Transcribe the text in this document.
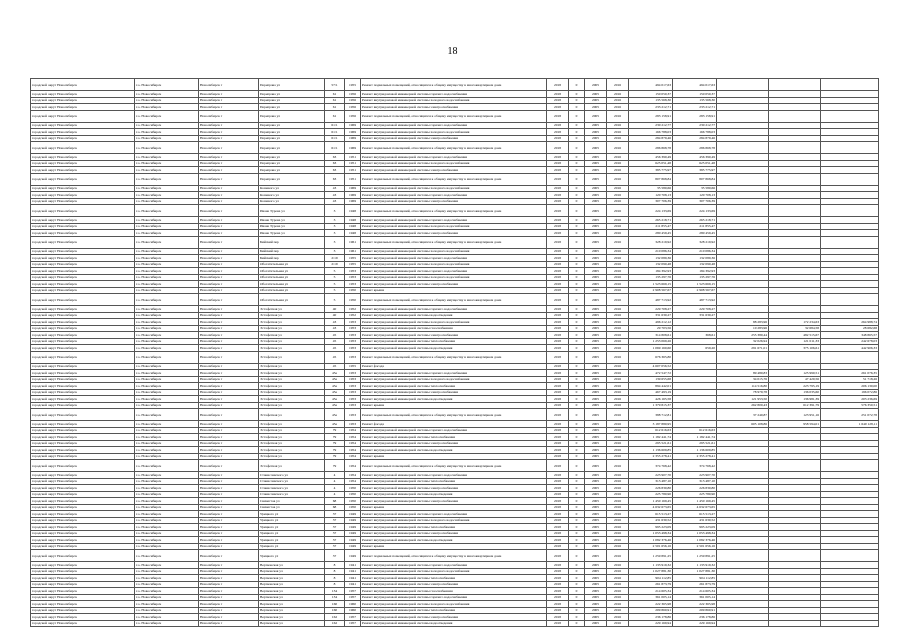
18
городской округ Новосибирск	г.о. Новосибирск	Новосибирск г	Переправа ул	57/1	1955	Ремонт подвальных помещений, относящихся к общему имуществу в многоквартирном доме	2018	0	2005	2016	494 017,63	494 017,63			
городской округ Новосибирск	г.о. Новосибирск	Новосибирск г	Переправа ул	61	1956	Ремонт внутридомовой инженерной системы горячего водоснабжения	2018	0	2005	2016	150 050,37	150 050,37			
городской округ Новосибирск	г.о. Новосибирск	Новосибирск г	Переправа ул	61	1956	Ремонт внутридомовой инженерной системы холодного водоснабжения	2018	0	2005	2016	135 568,30	135 568,30			
городской округ Новосибирск	г.о. Новосибирск	Новосибирск г	Переправа ул	61	1956	Ремонт внутридомовой инженерной системы электроснабжения	2018	0	2005	2016	233 212,71	233 212,71			
городской округ Новосибирск	г.о. Новосибирск	Новосибирск г	Переправа ул	61	1956	Ремонт подвальных помещений, относящихся к общему имуществу в многоквартирном доме	2018	0	2005	2016	283 158,91	283 158,91			
городской округ Новосибирск	г.о. Новосибирск	Новосибирск г	Переправа ул	61/1	1969	Ремонт внутридомовой инженерной системы горячего водоснабжения	2018	0	2005	2016	230 212,77	230 212,77			
городской округ Новосибирск	г.о. Новосибирск	Новосибирск г	Переправа ул	61/1	1969	Ремонт внутридомовой инженерной системы холодного водоснабжения	2018	0	2005	2016	166 788,03	166 788,03			
городской округ Новосибирск	г.о. Новосибирск	Новосибирск г	Переправа ул	61/1	1969	Ремонт внутридомовой инженерной системы электроснабжения	2018	0	2005	2016	284 879,46	284 879,46			
городской округ Новосибирск	г.о. Новосибирск	Новосибирск г	Переправа ул	61/1	1969	Ремонт подвальных помещений, относящихся к общему имуществу в многоквартирном доме	2018	0	2005	2016	286 868,78	286 868,78			
городской округ Новосибирск	г.о. Новосибирск	Новосибирск г	Переправа ул	63	1951	Ремонт внутридомовой инженерной системы горячего водоснабжения	2018	0	2005	2016	456 390,49	456 390,49			
городской округ Новосибирск	г.о. Новосибирск	Новосибирск г	Переправа ул	63	1951	Ремонт внутридомовой инженерной системы холодного водоснабжения	2018	0	2005	2016	625 051,48	625 051,48			
городской округ Новосибирск	г.о. Новосибирск	Новосибирск г	Переправа ул	63	1951	Ремонт внутридомовой инженерной системы электроснабжения	2018	0	2005	2016	385 775,97	385 775,97			
городской округ Новосибирск	г.о. Новосибирск	Новосибирск г	Переправа ул	63	1951	Ремонт подвальных помещений, относящихся к общему имуществу в многоквартирном доме	2018	0	2005	2016	807 868,84	807 868,84			
городской округ Новосибирск	г.о. Новосибирск	Новосибирск г	Кошевого ул	43	1969	Ремонт внутридомовой инженерной системы холодного водоснабжения	2018	0	2005	2016	35 580,66	35 580,66			
городской округ Новосибирск	г.о. Новосибирск	Новосибирск г	Кошевого ул	43	1969	Ремонт внутридомовой инженерной системы горячего водоснабжения	2018	0	2005	2016	120 708,13	120 708,13			
городской округ Новосибирск	г.о. Новосибирск	Новосибирск г	Кошевого ул	43	1969	Ремонт внутридомовой инженерной системы электроснабжения	2018	0	2005	2016	307 706,39	307 706,39			
городской округ Новосибирск	г.о. Новосибирск	Новосибирск г	Ивана Турова ул	3	1948	Ремонт подвальных помещений, относящихся к общему имуществу в многоквартирном доме	2018	0	2005	2016	224 133,69	224 133,69			
городской округ Новосибирск	г.о. Новосибирск	Новосибирск г	Ивана Турова ул	3	1948	Ремонт внутридомовой инженерной системы горячего водоснабжения	2018	0	2005	2016	265 218,71	265 218,71			
городской округ Новосибирск	г.о. Новосибирск	Новосибирск г	Ивана Турова ул	3	1948	Ремонт внутридомовой инженерной системы холодного водоснабжения	2018	0	2005	2016	211 855,47	211 855,47			
городской округ Новосибирск	г.о. Новосибирск	Новосибирск г	Ивана Турова ул	3	1948	Ремонт внутридомовой инженерной системы электроснабжения	2018	0	2005	2016	280 459,45	280 459,45			
городской округ Новосибирск	г.о. Новосибирск	Новосибирск г	Бийский пер	3	1961	Ремонт подвальных помещений, относящихся к общему имуществу в многоквартирном доме	2018	0	2005	2016	328 219,92	328 219,92			
городской округ Новосибирск	г.о. Новосибирск	Новосибирск г	Бийский пер	3	1961	Ремонт внутридомовой инженерной системы холодного водоснабжения	2018	0	2005	2016	210 086,34	210 086,34			
городской округ Новосибирск	г.о. Новосибирск	Новосибирск г	Бийский пер	2/19	1955	Ремонт внутридомовой инженерной системы горячего водоснабжения	2018	0	2005	2016	132 089,36	132 089,36			
городской округ Новосибирск	г.о. Новосибирск	Новосибирск г	Обогатительная ул	2/19	1955	Ремонт внутридомовой инженерной системы холодного водоснабжения	2018	0	2005	2016	132 090,48	132 090,48			
городской округ Новосибирск	г.о. Новосибирск	Новосибирск г	Обогатительная ул	5	1953	Ремонт внутридомовой инженерной системы горячего водоснабжения	2018	0	2005	2016	184 392,93	184 392,93			
городской округ Новосибирск	г.о. Новосибирск	Новосибирск г	Обогатительная ул	5	1953	Ремонт внутридомовой инженерной системы холодного водоснабжения	2018	0	2005	2016	135 297,76	135 297,76			
городской округ Новосибирск	г.о. Новосибирск	Новосибирск г	Обогатительная ул	5	1953	Ремонт внутридомовой инженерной системы электроснабжения	2018	0	2005	2016	1 523 669,15	1 523 669,15			
городской округ Новосибирск	г.о. Новосибирск	Новосибирск г	Обогатительная ул	5	1950	Ремонт крыши	2018	0	2005	2016	2 908 567,67	2 908 567,67			
городской округ Новосибирск	г.о. Новосибирск	Новосибирск г	Обогатительная ул	5	1950	Ремонт подвальных помещений, относящихся к общему имуществу в многоквартирном доме	2018	0	2005	2016	487 713,92	487 713,92			
городской округ Новосибирск	г.о. Новосибирск	Новосибирск г	Эстафетная ул	40	1952	Ремонт внутридомовой инженерной системы горячего водоснабжения	2018	0	2005	2016	229 708,27	229 708,27			
городской округ Новосибирск	г.о. Новосибирск	Новосибирск г	Эстафетная ул	40	1952	Ремонт внутридомовой инженерной системы водоотведения	2018	0	2005	2016	331 630,27	331 630,27			
городской округ Новосибирск	г.о. Новосибирск	Новосибирск г	Эстафетная ул	43	1953	Ремонт внутридомовой инженерной системы холодного водоснабжения	2018	0	2005	2016	496 212,12		88 283,96	172 234,63	264 988,74
городской округ Новосибирск	г.о. Новосибирск	Новосибирск г	Эстафетная ул	43	1953	Ремонт внутридомовой инженерной системы газоснабжения	2018	0	2005	2016	29 703,56		10 283,96	32 684,58	28 682,68
городской округ Новосибирск	г.о. Новосибирск	Новосибирск г	Эстафетная ул	45	1953	Ремонт внутридомовой инженерной системы электроснабжения	2018	0	2005	2016	314 808,61	368,61	255 380,44	482 515,67	348 865,57
городской округ Новосибирск	г.о. Новосибирск	Новосибирск г	Эстафетная ул	45	1953	Ремонт внутридомовой инженерной системы теплоснабжения	2018	0	2005	2016	1 253 069,26		32 026,94	121 011,33	242 678,03
городской округ Новосибирск	г.о. Новосибирск	Новосибирск г	Эстафетная ул	45	1953	Ремонт внутридомовой инженерной системы водоотведения	2018	0	2005	2016	1 069 160,60	659,20	291 671,01	375 106,61	442 906,33
городской округ Новосибирск	г.о. Новосибирск	Новосибирск г	Эстафетная ул	45	1953	Ремонт подвальных помещений, относящихся к общему имуществу в многоквартирном доме	2018	0	2005	2016	676 365,80				
городской округ Новосибирск	г.о. Новосибирск	Новосибирск г	Эстафетная ул	45	1955	Ремонт фасада	2018	0	2005	2016	4 607 056,52				
городской округ Новосибирск	г.о. Новосибирск	Новосибирск г	Эстафетная ул	45а	1953	Ремонт внутридомовой инженерной системы горячего водоснабжения	2018	0	2005	2016	472 547,72		89 480,83	125 990,51	261 076,35
городской округ Новосибирск	г.о. Новосибирск	Новосибирск г	Эстафетная ул	45а	1953	Ремонт внутридомовой инженерной системы холодного водоснабжения	2018	0	2005	2016	139 655,68		34 015,76	47 420,56	51 718,26
городской округ Новосибирск	г.о. Новосибирск	Новосибирск г	Эстафетная ул	45а	1953	Ремонт внутридомовой инженерной системы теплоснабжения	2018	0	2005	2016	894 442,01		114 516,80	223 795,19	206 130,00
городской округ Новосибирск	г.о. Новосибирск	Новосибирск г	Эстафетная ул	45а	1953	Ремонт внутридомовой инженерной системы электроснабжения	2018	0	2005	2016	467 493,19		78 979,78	136 035,60	196 072,86
городской округ Новосибирск	г.о. Новосибирск	Новосибирск г	Эстафетная ул	45а	1953	Ремонт внутридомовой инженерной системы водоотведения	2018	0	2005	2016	426 165,58		121 953,50	136 981,39	203 236,69
городской округ Новосибирск	г.о. Новосибирск	Новосибирск г	Эстафетная ул	45а	1953	Ремонт крыши	2018	0	2005	2016	1 379 815,37		262 800,43	612 391,79	576 350,51
городской округ Новосибирск	г.о. Новосибирск	Новосибирск г	Эстафетная ул	45а	1953	Ремонт подвальных помещений, относящихся к общему имуществу в многоквартирном доме	2018	0	2005	2016	388 712,81		37 240,87	123 951,16	251 072,78
городской округ Новосибирск	г.о. Новосибирск	Новосибирск г	Эстафетная ул	45а	1953	Ремонт фасада	2018	0	2005	2016	3 187 880,95		605 108,86	958 594,01	1 640 128,11
городской округ Новосибирск	г.о. Новосибирск	Новосибирск г	Эстафетная ул	79	1954	Ремонт внутридомовой инженерной системы горячего водоснабжения	2018	0	2005	2016	612 616,63	612 616,63			
городской округ Новосибирск	г.о. Новосибирск	Новосибирск г	Эстафетная ул	79	1954	Ремонт внутридомовой инженерной системы теплоснабжения	2018	0	2005	2016	1 182 441,74	1 182 441,74			
городской округ Новосибирск	г.о. Новосибирск	Новосибирск г	Эстафетная ул	79	1954	Ремонт внутридомовой инженерной системы электроснабжения	2018	0	2005	2016	295 521,61	295 521,61			
городской округ Новосибирск	г.о. Новосибирск	Новосибирск г	Эстафетная ул	79	1954	Ремонт внутридомовой инженерной системы водоотведения	2018	0	2005	2016	1 136 609,85	1 136 609,85			
городской округ Новосибирск	г.о. Новосибирск	Новосибирск г	Эстафетная ул	79	1954	Ремонт крыши	2018	0	2005	2016	2 355 278,41	2 355 278,41			
городской округ Новосибирск	г.о. Новосибирск	Новосибирск г	Эстафетная ул	79	1954	Ремонт подвальных помещений, относящихся к общему имуществу в многоквартирном доме	2018	0	2005	2016	374 768,42	374 768,42			
городской округ Новосибирск	г.о. Новосибирск	Новосибирск г	Станиславского ул	4	1954	Ремонт внутридомовой инженерной системы горячего водоснабжения	2018	0	2005	2016	223 907,70	223 907,70			
городской округ Новосибирск	г.о. Новосибирск	Новосибирск г	Станиславского ул	4	1954	Ремонт внутридомовой инженерной системы теплоснабжения	2018	0	2005	2016	313 487,10	313 487,10			
городской округ Новосибирск	г.о. Новосибирск	Новосибирск г	Станиславского ул	4	1950	Ремонт внутридомовой инженерной системы электроснабжения	2018	0	2005	2016	226 830,80	226 830,80			
городской округ Новосибирск	г.о. Новосибирск	Новосибирск г	Станиславского ул	4	1950	Ремонт внутридомовой инженерной системы водоотведения	2018	0	2005	2016	225 780,90	225 780,90			
городской округ Новосибирск	г.о. Новосибирск	Новосибирск г	Связистов ул	68	1950	Ремонт внутридомовой инженерной системы электроснабжения	2018	0	2005	2016	1 450 169,45	1 450 169,45			
городской округ Новосибирск	г.о. Новосибирск	Новосибирск г	Связистов ул	68	1950	Ремонт крыши	2018	0	2005	2016	4 632 673,65	4 632 673,65			
городской округ Новосибирск	г.о. Новосибирск	Новосибирск г	Урицкого ул	37	1949	Ремонт внутридомовой инженерной системы горячего водоснабжения	2018	0	2005	2016	615 513,27	615 513,27			
городской округ Новосибирск	г.о. Новосибирск	Новосибирск г	Урицкого ул	37	1949	Ремонт внутридомовой инженерной системы холодного водоснабжения	2018	0	2005	2016	431 630,52	431 630,52			
городской округ Новосибирск	г.о. Новосибирск	Новосибирск г	Урицкого ул	37	1949	Ремонт внутридомовой инженерной системы теплоснабжения	2018	0	2005	2016	995 223,09	995 223,09			
городской округ Новосибирск	г.о. Новосибирск	Новосибирск г	Урицкого ул	37	1949	Ремонт внутридомовой инженерной системы электроснабжения	2018	0	2005	2016	1 053 498,34	1 053 498,34			
городской округ Новосибирск	г.о. Новосибирск	Новосибирск г	Урицкого ул	37	1949	Ремонт внутридомовой инженерной системы водоотведения	2018	0	2005	2016	1 082 376,46	1 082 376,46			
городской округ Новосибирск	г.о. Новосибирск	Новосибирск г	Урицкого ул	37	1949	Ремонт крыши	2018	0	2005	2016	2 501 656,16	2 501 656,16			
городской округ Новосибирск	г.о. Новосибирск	Новосибирск г	Урицкого ул	37	1949	Ремонт подвальных помещений, относящихся к общему имуществу в многоквартирном доме	2018	0	2005	2016	1 259 891,25	1 259 891,25			
городской округ Новосибирск	г.о. Новосибирск	Новосибирск г	Вертковская ул	8	1941	Ремонт внутридомовой инженерной системы горячего водоснабжения	2018	0	2005	2016	1 133 919,32	1 133 919,32			
городской округ Новосибирск	г.о. Новосибирск	Новосибирск г	Вертковская ул	8	1941	Ремонт внутридомовой инженерной системы холодного водоснабжения	2018	0	2005	2016	1 027 881,30	1 027 881,30			
городской округ Новосибирск	г.о. Новосибирск	Новосибирск г	Вертковская ул	8	1941	Ремонт внутридомовой инженерной системы теплоснабжения	2018	0	2005	2016	904 112,85	904 112,85			
городской округ Новосибирск	г.о. Новосибирск	Новосибирск г	Вертковская ул	8	1941	Ремонт внутридомовой инженерной системы электроснабжения	2018	0	2005	2016	261 873,79	261 873,79			
городской округ Новосибирск	г.о. Новосибирск	Новосибирск г	Вертковская ул	134	1957	Ремонт внутридомовой инженерной системы газоснабжения	2018	0	2005	2016	214 605,34	214 605,34			
городской округ Новосибирск	г.о. Новосибирск	Новосибирск г	Вертковская ул	134	1957	Ремонт внутридомовой инженерной системы горячего водоснабжения	2018	0	2005	2016	361 005,14	361 005,14			
городской округ Новосибирск	г.о. Новосибирск	Новосибирск г	Вертковская ул	160	1960	Ремонт внутридомовой инженерной системы холодного водоснабжения	2018	0	2005	2016	222 365,98	222 365,98			
городской округ Новосибирск	г.о. Новосибирск	Новосибирск г	Вертковская ул	160	1960	Ремонт внутридомовой инженерной системы теплоснабжения	2018	0	2005	2016	209 860,91	209 860,91			
городской округ Новосибирск	г.о. Новосибирск	Новосибирск г	Вертковская ул	162	1957	Ремонт внутридомовой инженерной системы электроснабжения	2018	0	2005	2016	236 178,86	236 178,86			
городской округ Новосибирск	г.о. Новосибирск	Новосибирск г	Вертковская ул	162	1957	Ремонт внутридомовой инженерной системы водоотведения	2018	0	2005	2016	229 169,94	229 169,94			
